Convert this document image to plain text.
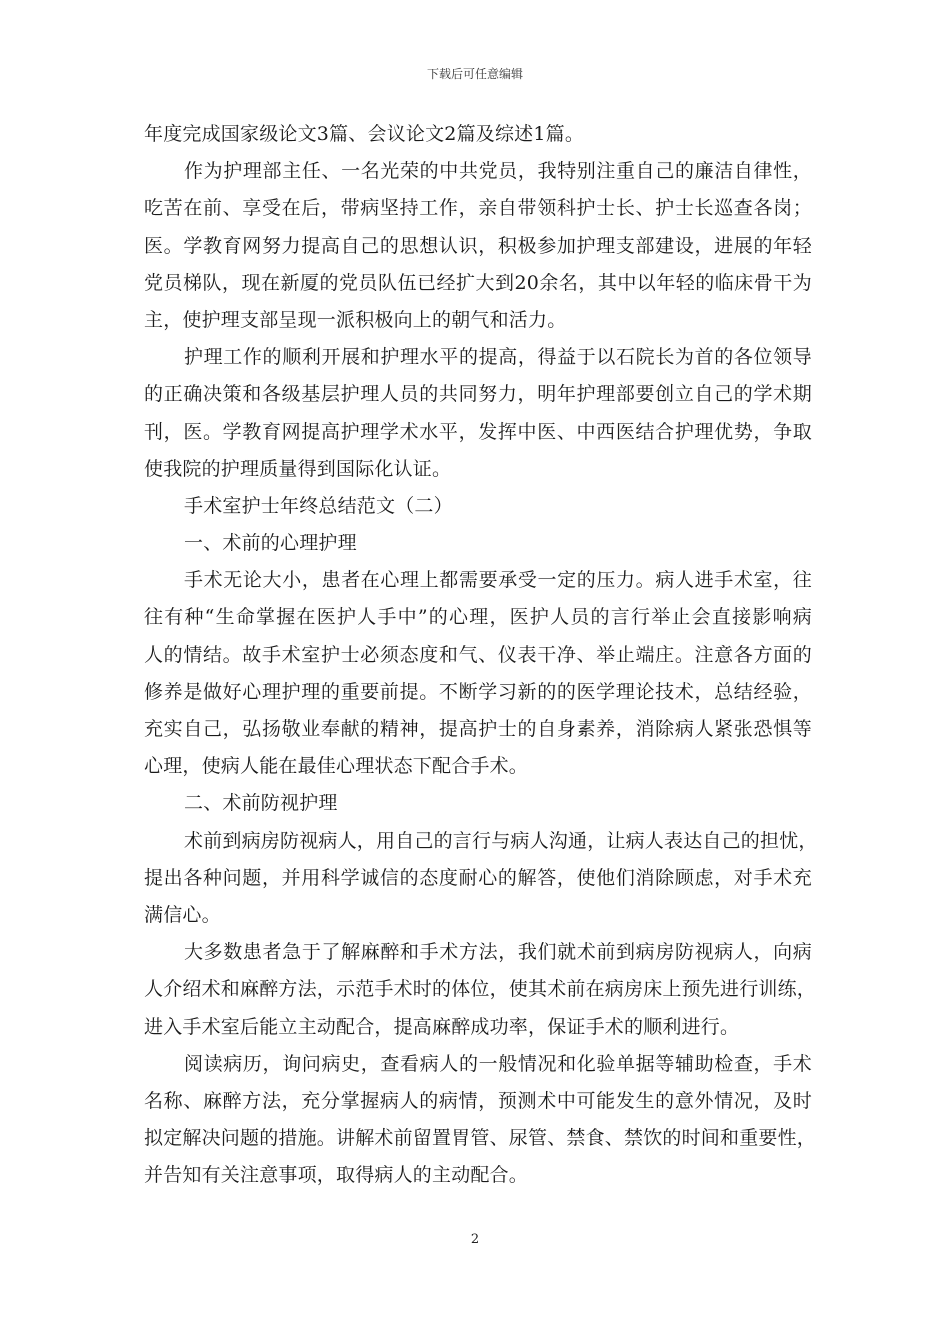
下载后可任意编辑
年度完成国家级论文3篇、会议论文2篇及综述1篇。
作为护理部主任、一名光荣的中共党员，我特别注重自己的廉洁自律性，
吃苦在前、享受在后，带病坚持工作，亲自带领科护士长、护士长巡查各岗；
医。学教育网努力提高自己的思想认识，积极参加护理支部建设，进展的年轻
党员梯队，现在新厦的党员队伍已经扩大到20余名，其中以年轻的临床骨干为
主，使护理支部呈现一派积极向上的朝气和活力。
护理工作的顺利开展和护理水平的提高，得益于以石院长为首的各位领导
的正确决策和各级基层护理人员的共同努力，明年护理部要创立自己的学术期
刊，医。学教育网提高护理学术水平，发挥中医、中西医结合护理优势，争取
使我院的护理质量得到国际化认证。
手术室护士年终总结范文（二）
一、术前的心理护理
手术无论大小，患者在心理上都需要承受一定的压力。病人进手术室，往
往有种“生命掌握在医护人手中”的心理，医护人员的言行举止会直接影响病
人的情结。故手术室护士必须态度和气、仪表干净、举止端庄。注意各方面的
修养是做好心理护理的重要前提。不断学习新的的医学理论技术，总结经验，
充实自己，弘扬敬业奉献的精神，提高护士的自身素养，消除病人紧张恐惧等
心理，使病人能在最佳心理状态下配合手术。
二、术前防视护理
术前到病房防视病人，用自己的言行与病人沟通，让病人表达自己的担忧，
提出各种问题，并用科学诚信的态度耐心的解答，使他们消除顾虑，对手术充
满信心。
大多数患者急于了解麻醉和手术方法，我们就术前到病房防视病人，向病
人介绍术和麻醉方法，示范手术时的体位，使其术前在病房床上预先进行训练，
进入手术室后能立主动配合，提高麻醉成功率，保证手术的顺利进行。
阅读病历，询问病史，查看病人的一般情况和化验单据等辅助检查，手术
名称、麻醉方法，充分掌握病人的病情，预测术中可能发生的意外情况，及时
拟定解决问题的措施。讲解术前留置胃管、尿管、禁食、禁饮的时间和重要性，
并告知有关注意事项，取得病人的主动配合。
2
